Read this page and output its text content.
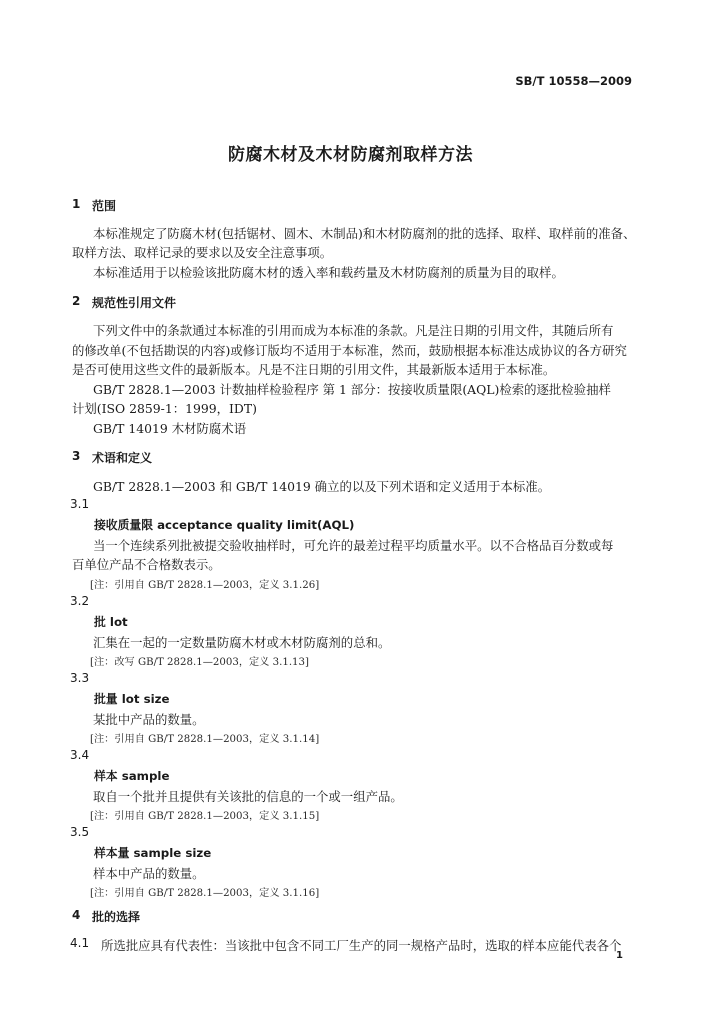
SB/T 10558—2009
防腐木材及木材防腐剂取样方法
1 范围
本标准规定了防腐木材(包括锯材、圆木、木制品)和木材防腐剂的批的选择、取样、取样前的准备、
取样方法、取样记录的要求以及安全注意事项。
本标准适用于以检验该批防腐木材的透入率和载药量及木材防腐剂的质量为目的取样。
2 规范性引用文件
下列文件中的条款通过本标准的引用而成为本标准的条款。凡是注日期的引用文件，其随后所有
的修改单(不包括勘误的内容)或修订版均不适用于本标准，然而，鼓励根据本标准达成协议的各方研究
是否可使用这些文件的最新版本。凡是不注日期的引用文件，其最新版本适用于本标准。
GB/T 2828.1—2003 计数抽样检验程序 第 1 部分：按接收质量限(AQL)检索的逐批检验抽样
计划(ISO 2859-1：1999，IDT)
GB/T 14019 木材防腐术语
3 术语和定义
GB/T 2828.1—2003 和 GB/T 14019 确立的以及下列术语和定义适用于本标准。
3.1
接收质量限 acceptance quality limit(AQL)
当一个连续系列批被提交验收抽样时，可允许的最差过程平均质量水平。以不合格品百分数或每
百单位产品不合格数表示。
[注：引用自 GB/T 2828.1—2003，定义 3.1.26]
3.2
批 lot
汇集在一起的一定数量防腐木材或木材防腐剂的总和。
[注：改写 GB/T 2828.1—2003，定义 3.1.13]
3.3
批量 lot size
某批中产品的数量。
[注：引用自 GB/T 2828.1—2003，定义 3.1.14]
3.4
样本 sample
取自一个批并且提供有关该批的信息的一个或一组产品。
[注：引用自 GB/T 2828.1—2003，定义 3.1.15]
3.5
样本量 sample size
样本中产品的数量。
[注：引用自 GB/T 2828.1—2003，定义 3.1.16]
4 批的选择
4.1 所选批应具有代表性：当该批中包含不同工厂生产的同一规格产品时，选取的样本应能代表各个
1
